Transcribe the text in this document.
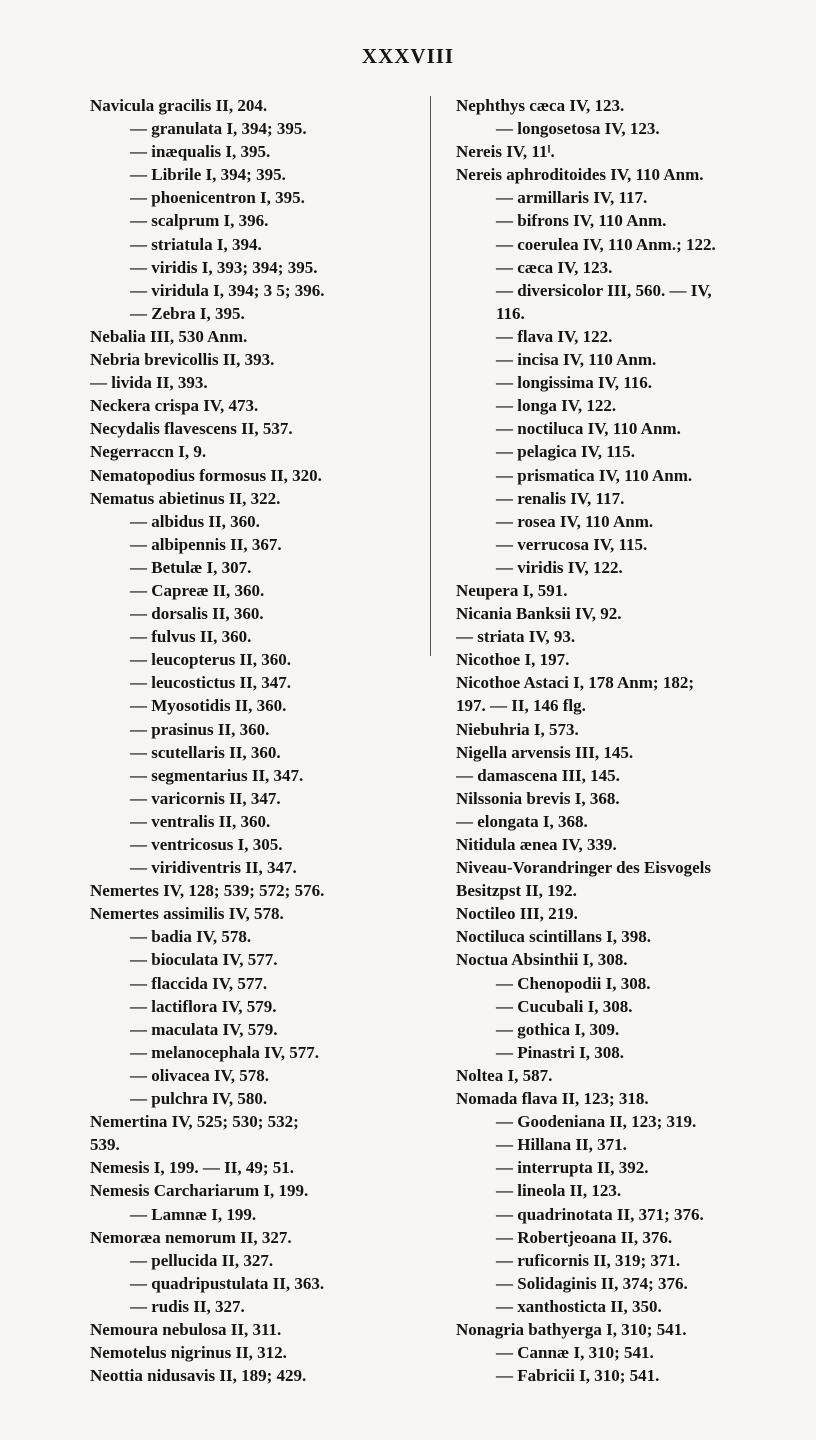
XXXVIII
Navicula gracilis II, 204.
— granulata I, 394; 395.
— inæqualis I, 395.
— Librile I, 394; 395.
— phoenicentron I, 395.
— scalprum I, 396.
— striatula I, 394.
— viridis I, 393; 394; 395.
— viridula I, 394; 3 5; 396.
— Zebra I, 395.
Nebalia III, 530 Anm.
Nebria brevicollis II, 393.
— livida II, 393.
Neckera crispa IV, 473.
Necydalis flavescens II, 537.
Negerraccn I, 9.
Nematopodius formosus II, 320.
Nematus abietinus II, 322.
— albidus II, 360.
— albipennis II, 367.
— Betulæ I, 307.
— Capreæ II, 360.
— dorsalis II, 360.
— fulvus II, 360.
— leucopterus II, 360.
— leucostictus II, 347.
— Myosotidis II, 360.
— prasinus II, 360.
— scutellaris II, 360.
— segmentarius II, 347.
— varicornis II, 347.
— ventralis II, 360.
— ventricosus I, 305.
— viridiventris II, 347.
Nemertes IV, 128; 539; 572; 576.
Nemertes assimilis IV, 578.
— badia IV, 578.
— bioculata IV, 577.
— flaccida IV, 577.
— lactiflora IV, 579.
— maculata IV, 579.
— melanocephala IV, 577.
— olivacea IV, 578.
— pulchra IV, 580.
Nemertina IV, 525; 530; 532;
539.
Nemesis I, 199. — II, 49; 51.
Nemesis Carchariarum I, 199.
— Lamnæ I, 199.
Nemoræa nemorum II, 327.
— pellucida II, 327.
— quadripustulata II, 363.
— rudis II, 327.
Nemoura nebulosa II, 311.
Nemotelus nigrinus II, 312.
Neottia nidusavis II, 189; 429.
Nephthys cæca IV, 123.
— longosetosa IV, 123.
Nereis IV, 11ˡ.
Nereis aphroditoides IV, 110 Anm.
— armillaris IV, 117.
— bifrons IV, 110 Anm.
— coerulea IV, 110 Anm.; 122.
— cæca IV, 123.
— diversicolor III, 560. — IV,
116.
— flava IV, 122.
— incisa IV, 110 Anm.
— longissima IV, 116.
— longa IV, 122.
— noctiluca IV, 110 Anm.
— pelagica IV, 115.
— prismatica IV, 110 Anm.
— renalis IV, 117.
— rosea IV, 110 Anm.
— verrucosa IV, 115.
— viridis IV, 122.
Neupera I, 591.
Nicania Banksii IV, 92.
— striata IV, 93.
Nicothoe I, 197.
Nicothoe Astaci I, 178 Anm; 182;
197. — II, 146 flg.
Niebuhria I, 573.
Nigella arvensis III, 145.
— damascena III, 145.
Nilssonia brevis I, 368.
— elongata I, 368.
Nitidula ænea IV, 339.
Niveau-Vorandringer des Eisvogels
Besitzpst II, 192.
Noctileo III, 219.
Noctiluca scintillans I, 398.
Noctua Absinthii I, 308.
— Chenopodii I, 308.
— Cucubali I, 308.
— gothica I, 309.
— Pinastri I, 308.
Noltea I, 587.
Nomada flava II, 123; 318.
— Goodeniana II, 123; 319.
— Hillana II, 371.
— interrupta II, 392.
— lineola II, 123.
— quadrinotata II, 371; 376.
— Robertjeoana II, 376.
— ruficornis II, 319; 371.
— Solidaginis II, 374; 376.
— xanthosticta II, 350.
Nonagria bathyerga I, 310; 541.
— Cannæ I, 310; 541.
— Fabricii I, 310; 541.
